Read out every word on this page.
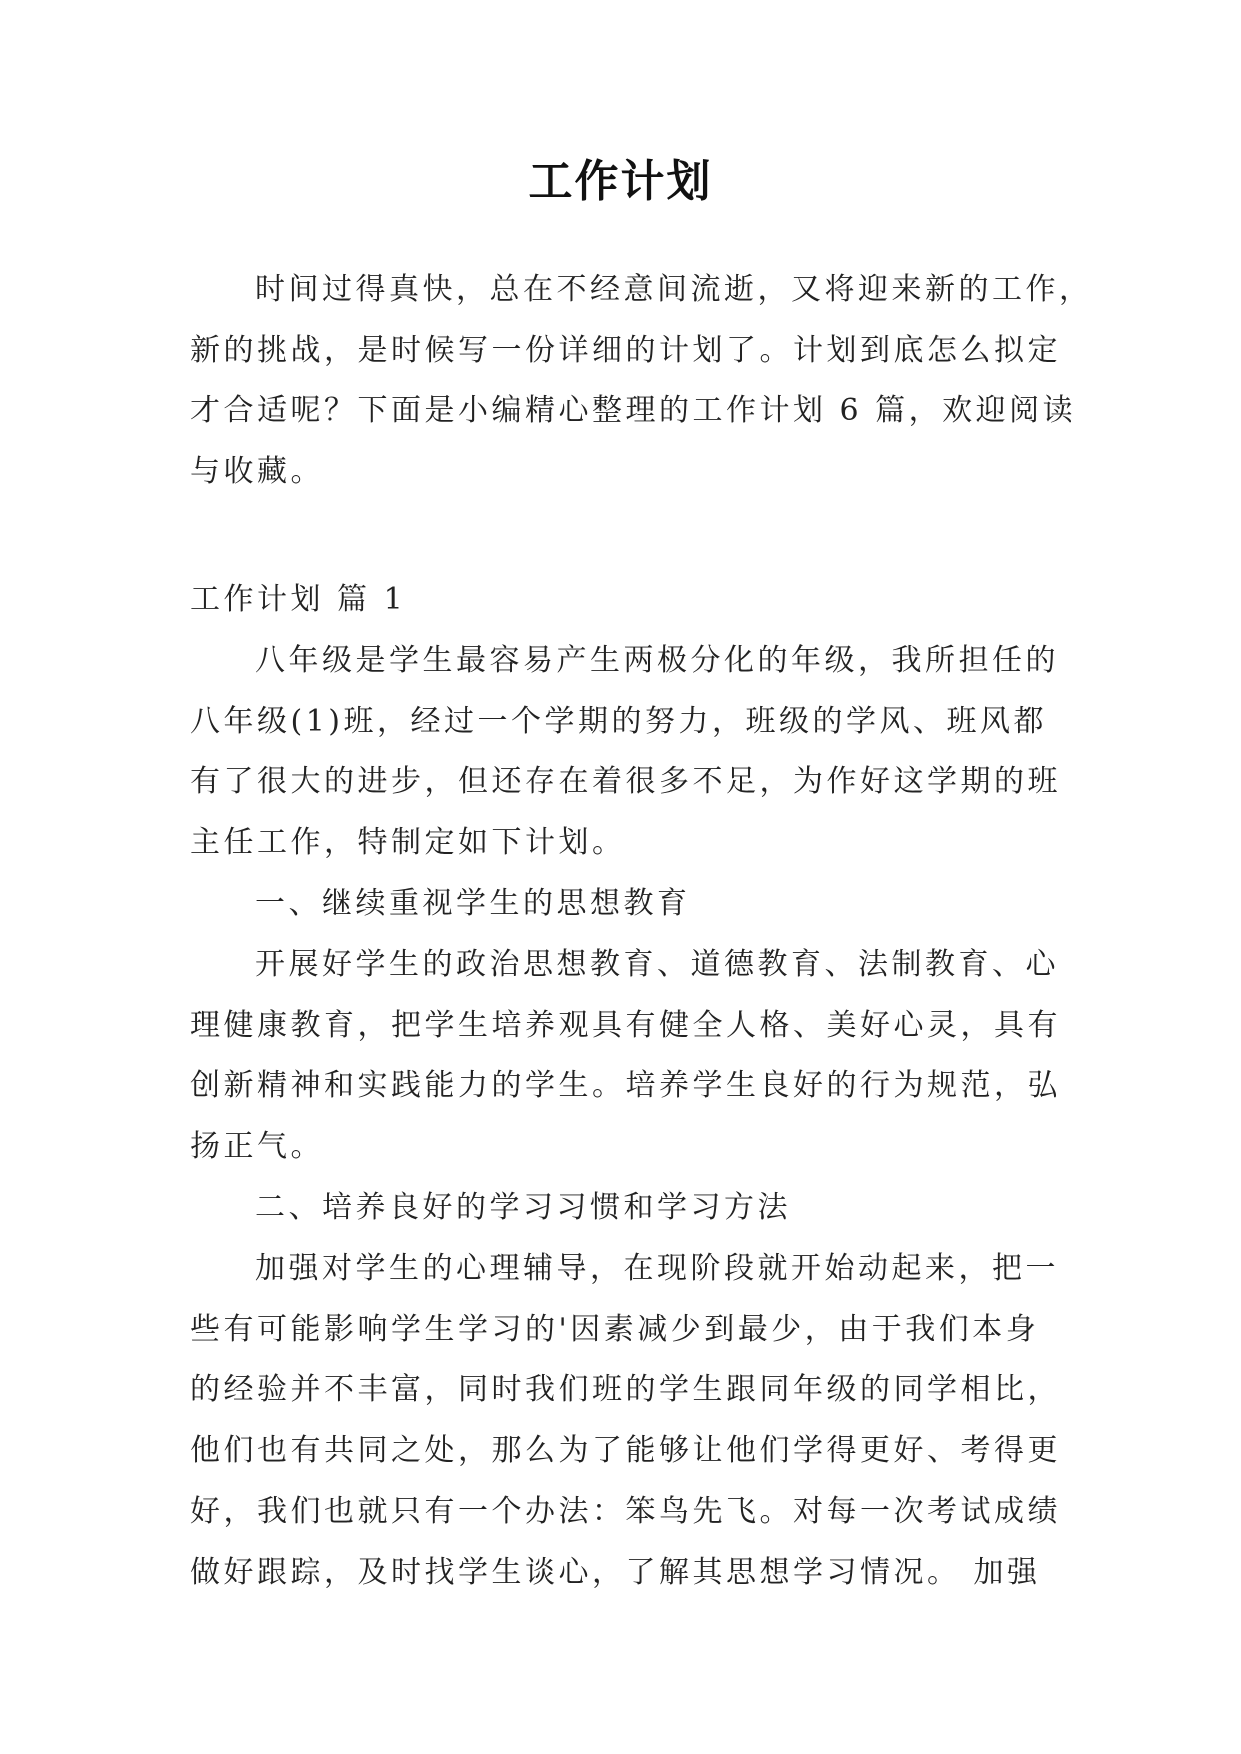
工作计划
时间过得真快，总在不经意间流逝，又将迎来新的工作，
新的挑战，是时候写一份详细的计划了。计划到底怎么拟定
才合适呢？下面是小编精心整理的工作计划 6 篇，欢迎阅读
与收藏。
工作计划 篇 1
八年级是学生最容易产生两极分化的年级，我所担任的
八年级(1)班，经过一个学期的努力，班级的学风、班风都
有了很大的进步，但还存在着很多不足，为作好这学期的班
主任工作，特制定如下计划。
一、继续重视学生的思想教育
开展好学生的政治思想教育、道德教育、法制教育、心
理健康教育，把学生培养观具有健全人格、美好心灵，具有
创新精神和实践能力的学生。培养学生良好的行为规范，弘
扬正气。
二、培养良好的学习习惯和学习方法
加强对学生的心理辅导，在现阶段就开始动起来，把一
些有可能影响学生学习的'因素减少到最少，由于我们本身
的经验并不丰富，同时我们班的学生跟同年级的同学相比，
他们也有共同之处，那么为了能够让他们学得更好、考得更
好，我们也就只有一个办法：笨鸟先飞。对每一次考试成绩
做好跟踪，及时找学生谈心，了解其思想学习情况。 加强
